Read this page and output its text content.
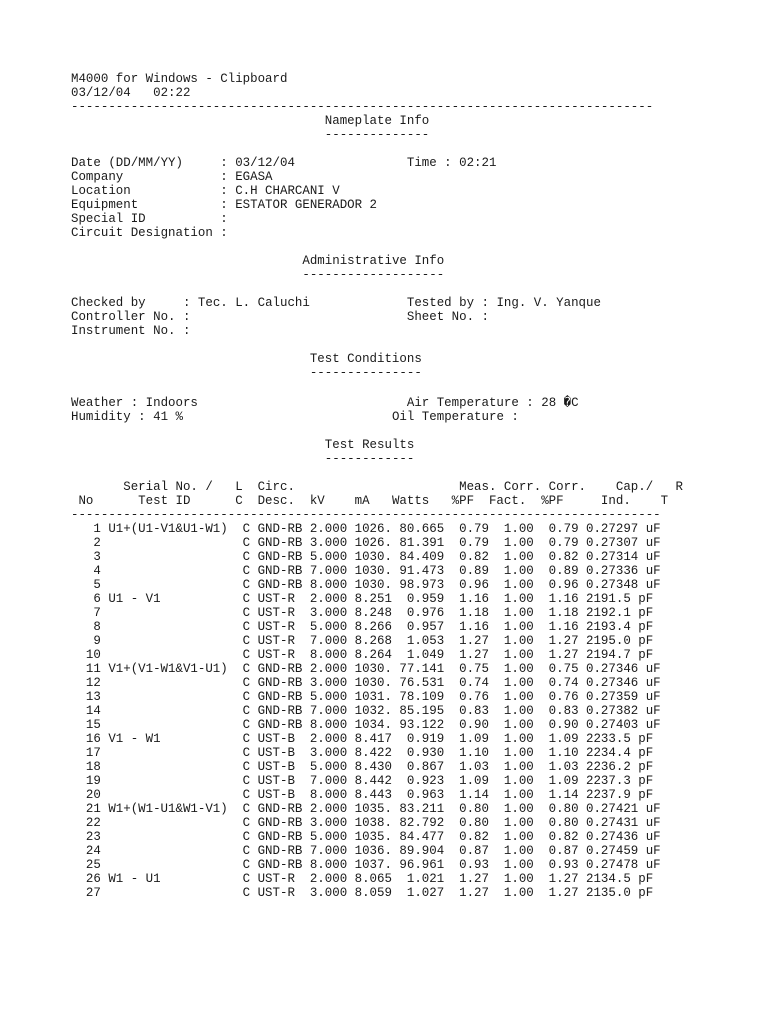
M4000 for Windows - Clipboard
03/12/04 02:22
------------------------------------------------------------------------------
Nameplate Info
--------------

Date (DD/MM/YY)	: 03/12/04	Time : 02:21
Company	: EGASA
Location	: C.H CHARCANI V
Equipment	: ESTATOR GENERADOR 2
Special ID	:
Circuit Designation :

Administrative Info
-------------------

Checked by	: Tec. L. Caluchi	Tested by : Ing. V. Yanque
Controller No. :	Sheet No. :
Instrument No. :

Test Conditions
---------------

Weather : Indoors	Air Temperature : 28 �C
Humidity : 41 %	Oil Temperature :

Test Results
------------

Serial No. /   L  Circ.                      Meas. Corr. Corr.    Cap./   R
No      Test ID      C  Desc.  kV    mA   Watts   %PF  Fact.  %PF     Ind.    T
-------------------------------------------------------------------------------

1 U1+(U1-V1&U1-W1) C GND-RB 2.000 1026. 80.665 0.79 1.00 0.79 0.27297 uF
2	C GND-RB 3.000 1026. 81.391 0.79 1.00 0.79 0.27307 uF
3	C GND-RB 5.000 1030. 84.409 0.82 1.00 0.82 0.27314 uF
4	C GND-RB 7.000 1030. 91.473 0.89 1.00 0.89 0.27336 uF
5	C GND-RB 8.000 1030. 98.973 0.96 1.00 0.96 0.27348 uF
6 U1 - V1	C UST-R 2.000 8.251 0.959 1.16 1.00 1.16 2191.5 pF
7	C UST-R 3.000 8.248 0.976 1.18 1.00 1.18 2192.1 pF
8	C UST-R 5.000 8.266 0.957 1.16 1.00 1.16 2193.4 pF
9	C UST-R 7.000 8.268 1.053 1.27 1.00 1.27 2195.0 pF
10	C UST-R 8.000 8.264 1.049 1.27 1.00 1.27 2194.7 pF
11 V1+(V1-W1&V1-U1) C GND-RB 2.000 1030. 77.141 0.75 1.00 0.75 0.27346 uF
12	C GND-RB 3.000 1030. 76.531 0.74 1.00 0.74 0.27346 uF
13	C GND-RB 5.000 1031. 78.109 0.76 1.00 0.76 0.27359 uF
14	C GND-RB 7.000 1032. 85.195 0.83 1.00 0.83 0.27382 uF
15	C GND-RB 8.000 1034. 93.122 0.90 1.00 0.90 0.27403 uF
16 V1 - W1	C UST-B 2.000 8.417 0.919 1.09 1.00 1.09 2233.5 pF
17	C UST-B 3.000 8.422 0.930 1.10 1.00 1.10 2234.4 pF
18	C UST-B 5.000 8.430 0.867 1.03 1.00 1.03 2236.2 pF
19	C UST-B 7.000 8.442 0.923 1.09 1.00 1.09 2237.3 pF
20	C UST-B 8.000 8.443 0.963 1.14 1.00 1.14 2237.9 pF
21 W1+(W1-U1&W1-V1) C GND-RB 2.000 1035. 83.211 0.80 1.00 0.80 0.27421 uF
22	C GND-RB 3.000 1038. 82.792 0.80 1.00 0.80 0.27431 uF
23	C GND-RB 5.000 1035. 84.477 0.82 1.00 0.82 0.27436 uF
24	C GND-RB 7.000 1036. 89.904 0.87 1.00 0.87 0.27459 uF
25	C GND-RB 8.000 1037. 96.961 0.93 1.00 0.93 0.27478 uF
26 W1 - U1	C UST-R 2.000 8.065 1.021 1.27 1.00 1.27 2134.5 pF
27	C UST-R 3.000 8.059 1.027 1.27 1.00 1.27 2135.0 pF
